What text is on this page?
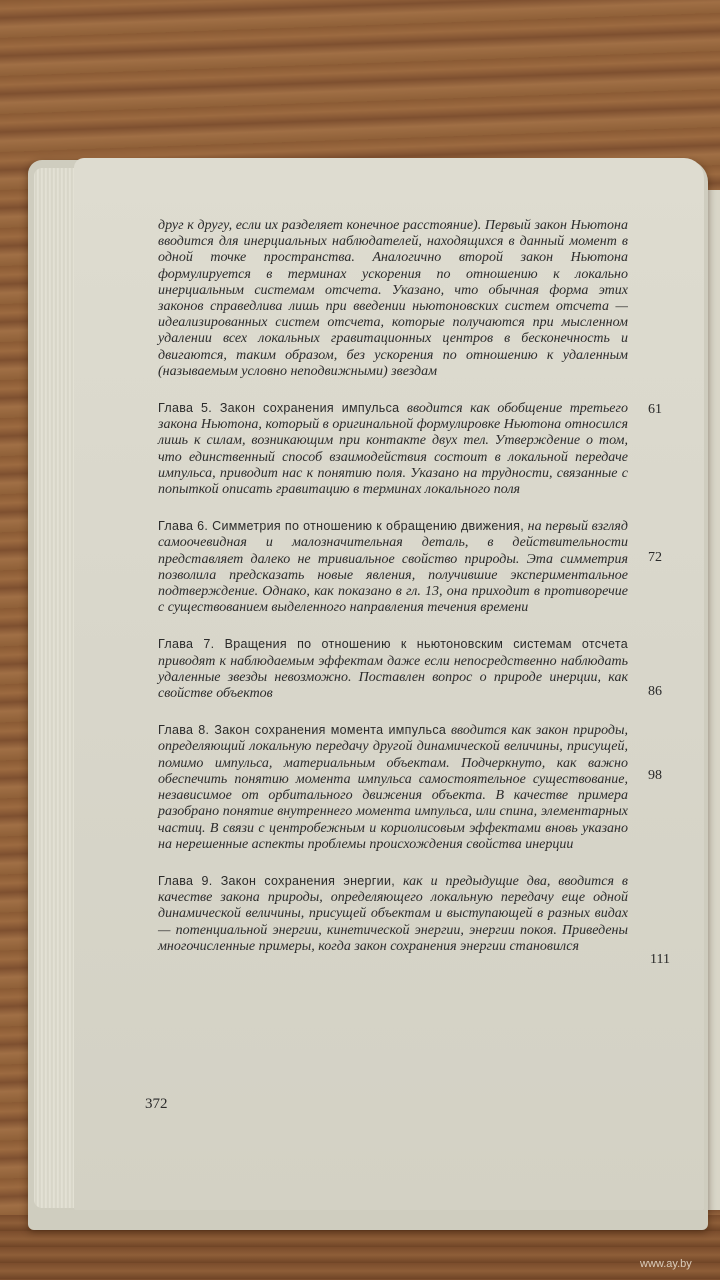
друг к другу, если их разделяет конечное расстояние). Первый закон Ньютона вводится для инерциальных наблюдателей, находящихся в данный момент в одной точке пространства. Аналогично второй закон Ньютона формулируется в терминах ускорения по отношению к локально инерциальным системам отсчета. Указано, что обычная форма этих законов справедлива лишь при введении ньютоновских систем отсчета — идеализированных систем отсчета, которые получаются при мысленном удалении всех локальных гравитационных центров в бесконечность и двигаются, таким образом, без ускорения по отношению к удаленным (называемым условно неподвижными) звездам

Глава 5. Закон сохранения импульса вводится как обобщение третьего закона Ньютона, который в оригинальной формулировке Ньютона относился лишь к силам, возникающим при контакте двух тел. Утверждение о том, что единственный способ взаимодействия состоит в локальной передаче импульса, приводит нас к понятию поля. Указано на трудности, связанные с попыткой описать гравитацию в терминах локального поля

Глава 6. Симметрия по отношению к обращению движения, на первый взгляд самоочевидная и малозначительная деталь, в действительности представляет далеко не тривиальное свойство природы. Эта симметрия позволила предсказать новые явления, получившие экспериментальное подтверждение. Однако, как показано в гл. 13, она приходит в противоречие с существованием выделенного направления течения времени

Глава 7. Вращения по отношению к ньютоновским системам отсчета приводят к наблюдаемым эффектам даже если непосредственно наблюдать удаленные звезды невозможно. Поставлен вопрос о природе инерции, как свойстве объектов

Глава 8. Закон сохранения момента импульса вводится как закон природы, определяющий локальную передачу другой динамической величины, присущей, помимо импульса, материальным объектам. Подчеркнуто, как важно обеспечить понятию момента импульса самостоятельное существование, независимое от орбитального движения объекта. В качестве примера разобрано понятие внутреннего момента импульса, или спина, элементарных частиц. В связи с центробежным и кориолисовым эффектами вновь указано на нерешенные аспекты проблемы происхождения свойства инерции

Глава 9. Закон сохранения энергии, как и предыдущие два, вводится в качестве закона природы, определяющего локальную передачу еще одной динамической величины, присущей объектам и выступающей в разных видах — потенциальной энергии, кинетической энергии, энергии покоя. Приведены многочисленные примеры, когда закон сохранения энергии становился

61
72
86
98
111
372
www.ay.by
